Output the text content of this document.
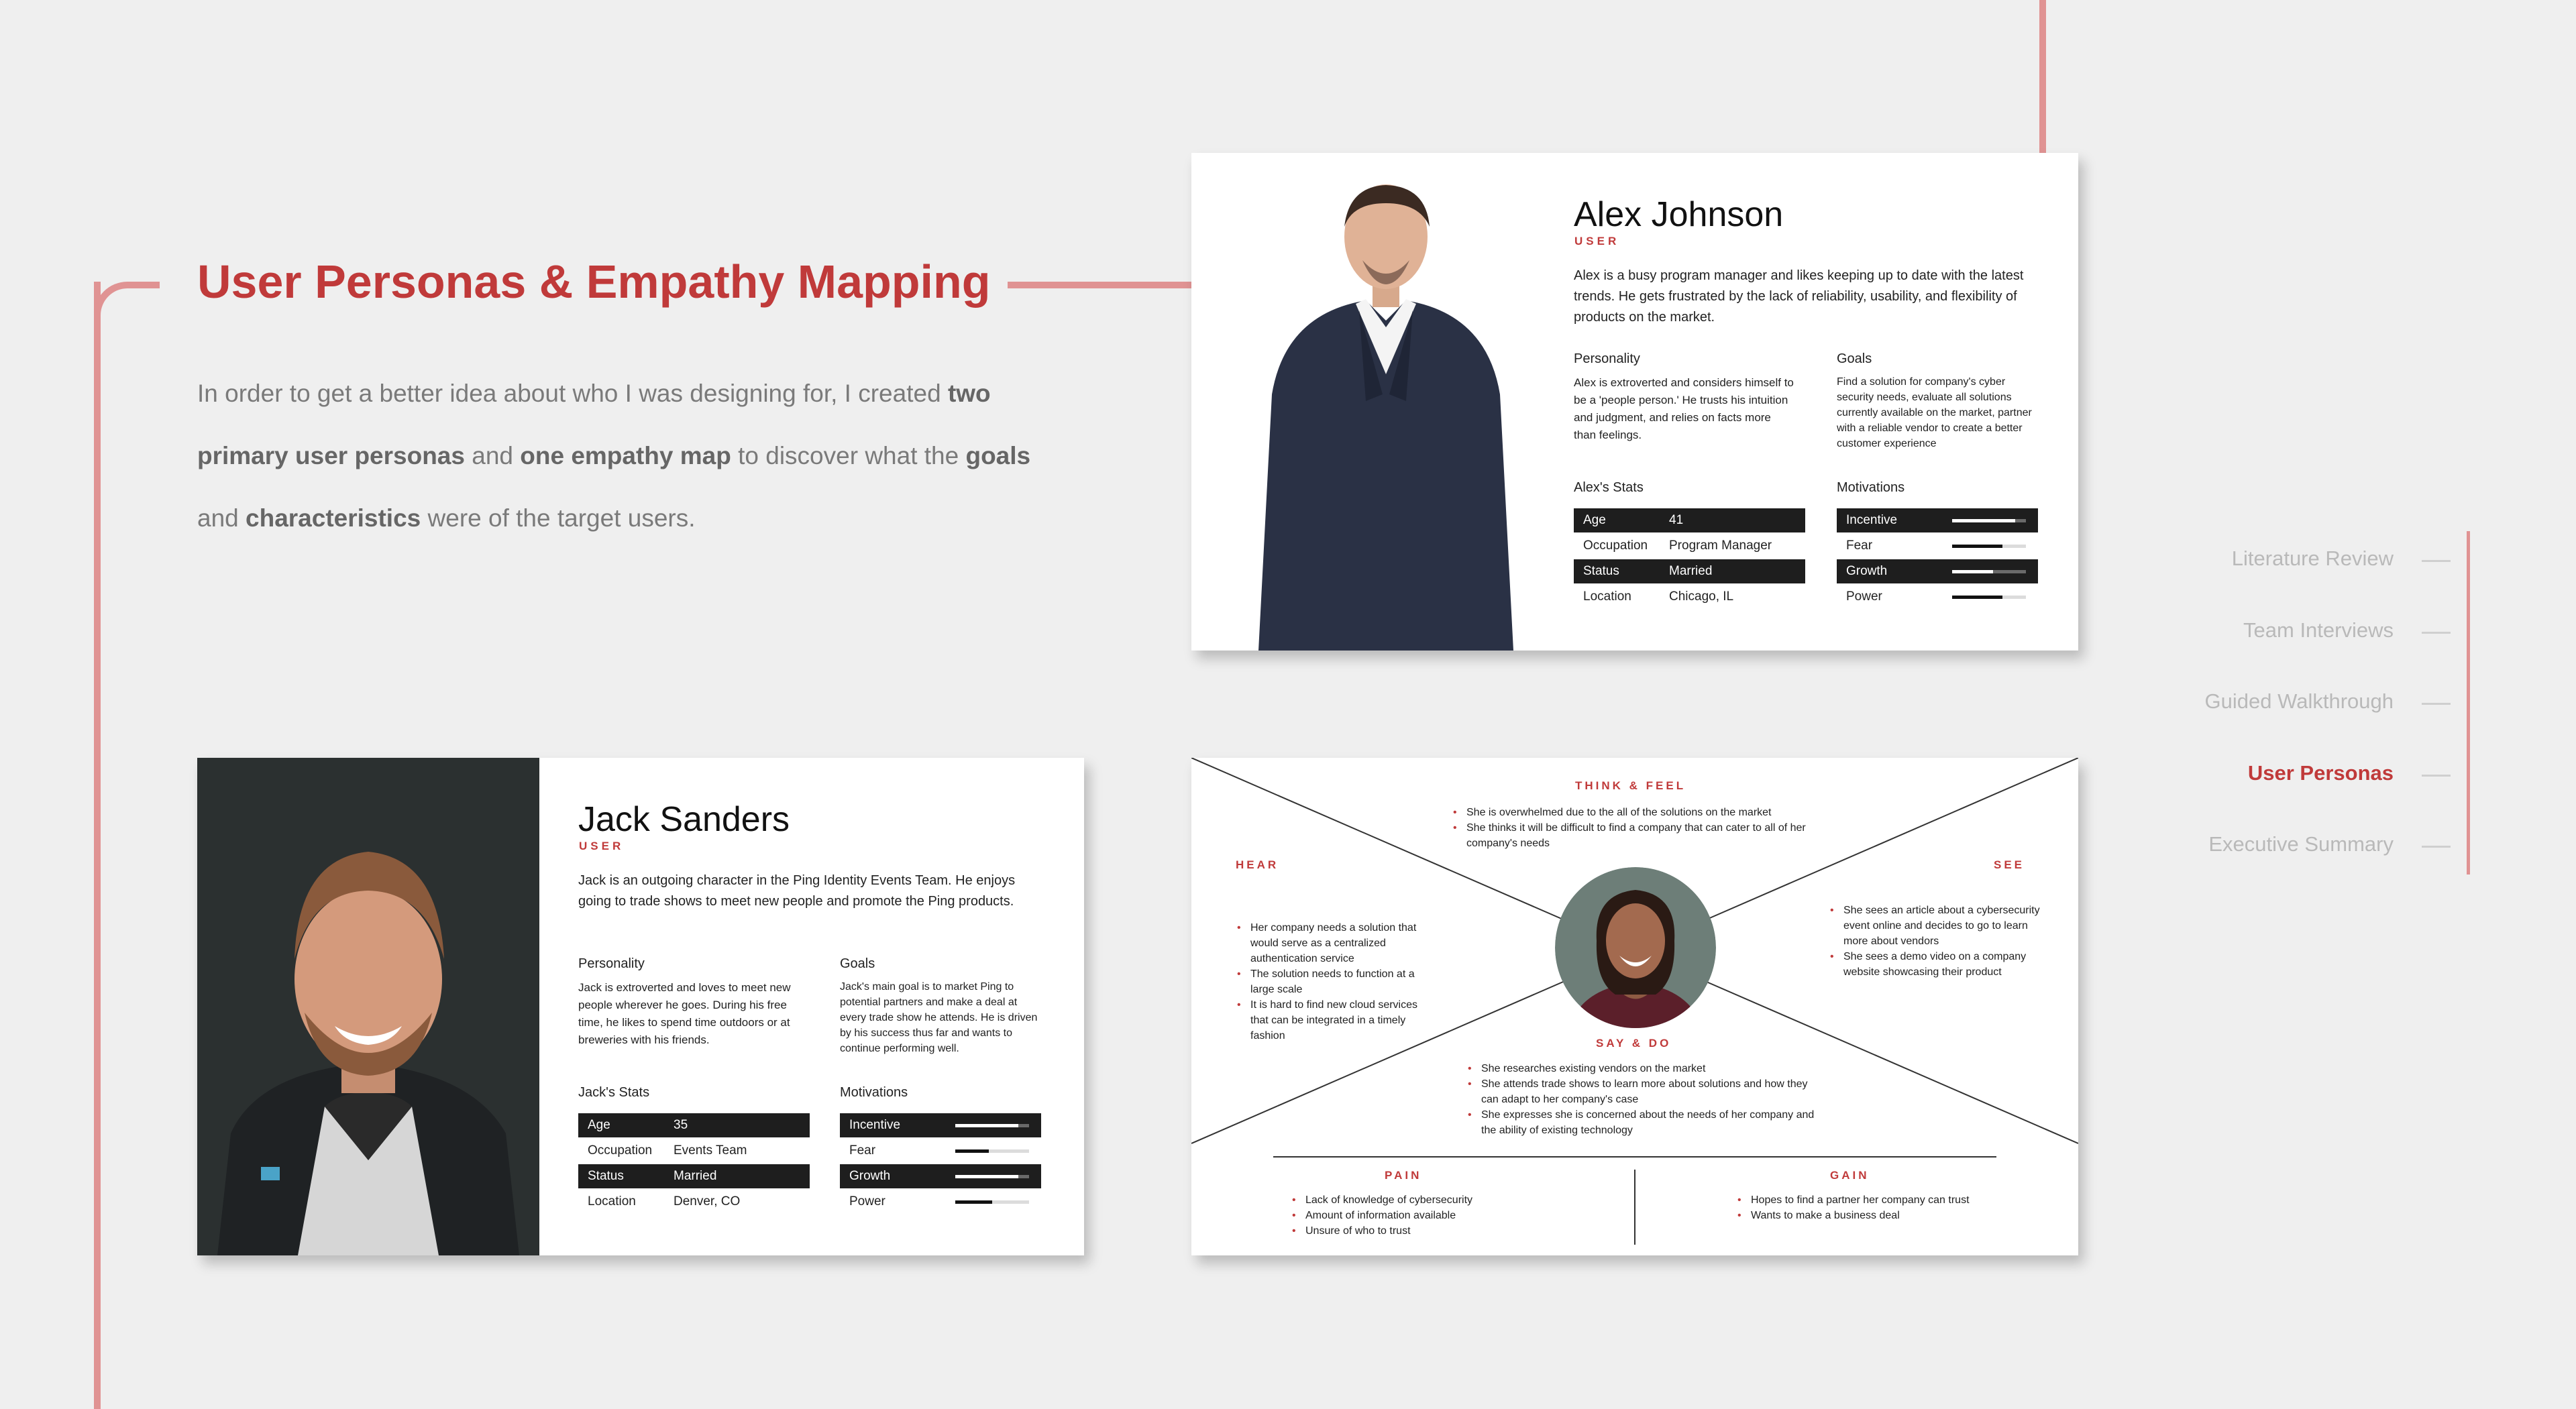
User Personas & Empathy Mapping

In order to get a better idea about who I was designing for, I created two primary user personas and one empathy map to discover what the goals and characteristics were of the target users.

Alex Johnson
USER
Alex is a busy program manager and likes keeping up to date with the latest trends. He gets frustrated by the lack of reliability, usability, and flexibility of products on the market.
Personality
Alex is extroverted and considers himself to be a 'people person.' He trusts his intuition and judgment, and relies on facts more than feelings.
Goals
Find a solution for company's cyber security needs, evaluate all solutions currently available on the market, partner with a reliable vendor to create a better customer experience
Alex's Stats
Age	41
Occupation	Program Manager
Status	Married
Location	Chicago, IL
Motivations
Incentive
Fear
Growth
Power
Jack Sanders
USER
Jack is an outgoing character in the Ping Identity Events Team. He enjoys going to trade shows to meet new people and promote the Ping products.
Personality
Jack is extroverted and loves to meet new people wherever he goes. During his free time, he likes to spend time outdoors or at breweries with his friends.
Goals
Jack's main goal is to market Ping to potential partners and make a deal at every trade show he attends. He is driven by his success thus far and wants to continue performing well.
Jack's Stats
Age	35
Occupation	Events Team
Status	Married
Location	Denver, CO
Motivations
Incentive
Fear
Growth
Power
THINK & FEEL
• She is overwhelmed due to the all of the solutions on the market
• She thinks it will be difficult to find a company that can cater to all of her company's needs
HEAR
• Her company needs a solution that would serve as a centralized authentication service
• The solution needs to function at a large scale
• It is hard to find new cloud services that can be integrated in a timely fashion
SEE
• She sees an article about a cybersecurity event online and decides to go to learn more about vendors
• She sees a demo video on a company website showcasing their product
SAY & DO
• She researches existing vendors on the market
• She attends trade shows to learn more about solutions and how they can adapt to her company's case
• She expresses she is concerned about the needs of her company and the ability of existing technology
PAIN
• Lack of knowledge of cybersecurity
• Amount of information available
• Unsure of who to trust
GAIN
• Hopes to find a partner her company can trust
• Wants to make a business deal
Literature Review
Team Interviews
Guided Walkthrough
User Personas
Executive Summary
